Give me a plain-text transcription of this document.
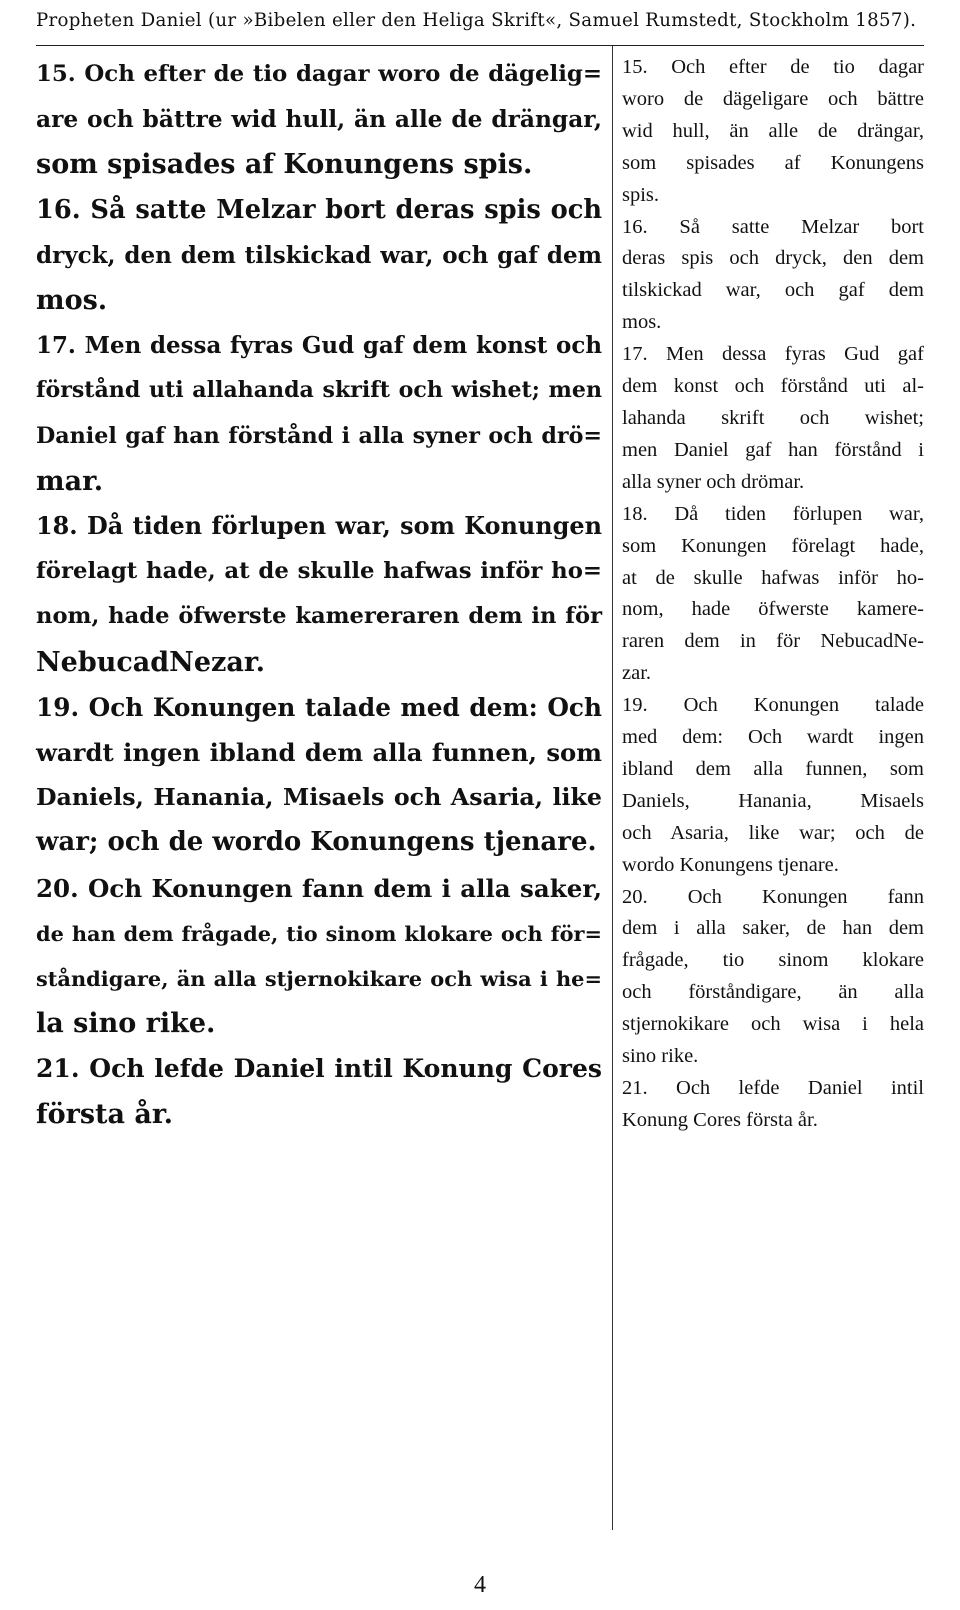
Propheten Daniel (ur »Bibelen eller den Heliga Skrift«, Samuel Rumstedt, Stockholm 1857).
15. Och efter de tio dagar woro de dägelig=
are och bättre wid hull, än alle de drängar,
som spisades af Konungens spis.
16. Så satte Melzar bort deras spis och
dryck, den dem tilskickad war, och gaf dem
mos.
17. Men dessa fyras Gud gaf dem konst och
förstånd uti allahanda skrift och wishet; men
Daniel gaf han förstånd i alla syner och drö=
mar.
18. Då tiden förlupen war, som Konungen
förelagt hade, at de skulle hafwas inför ho=
nom, hade öfwerste kamereraren dem in för
NebucadNezar.
19. Och Konungen talade med dem: Och
wardt ingen ibland dem alla funnen, som
Daniels, Hanania, Misaels och Asaria, like
war; och de wordo Konungens tjenare.
20. Och Konungen fann dem i alla saker,
de han dem frågade, tio sinom klokare och för=
ståndigare, än alla stjernokikare och wisa i he=
la sino rike.
21. Och lefde Daniel intil Konung Cores
första år.
15. Och efter de tio dagar
woro de dägeligare och bättre
wid hull, än alle de drängar,
som spisades af Konungens
spis.
16. Så satte Melzar bort
deras spis och dryck, den dem
tilskickad war, och gaf dem
mos.
17. Men dessa fyras Gud gaf
dem konst och förstånd uti al-
lahanda skrift och wishet;
men Daniel gaf han förstånd i
alla syner och drömar.
18. Då tiden förlupen war,
som Konungen förelagt hade,
at de skulle hafwas inför ho-
nom, hade öfwerste kamere-
raren dem in för NebucadNe-
zar.
19. Och Konungen talade
med dem: Och wardt ingen
ibland dem alla funnen, som
Daniels, Hanania, Misaels
och Asaria, like war; och de
wordo Konungens tjenare.
20. Och Konungen fann
dem i alla saker, de han dem
frågade, tio sinom klokare
och förståndigare, än alla
stjernokikare och wisa i hela
sino rike.
21. Och lefde Daniel intil
Konung Cores första år.
4
